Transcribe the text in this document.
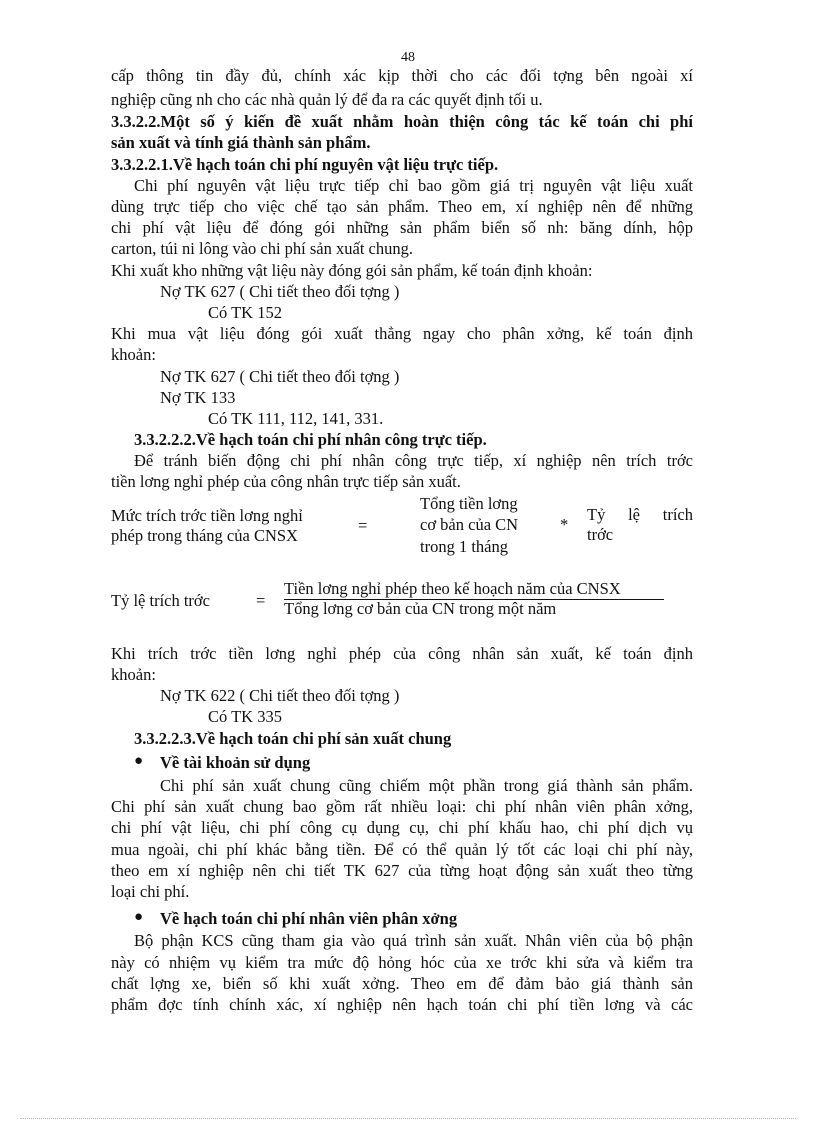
48
cấp thông tin đầy đủ, chính xác kịp thời cho các đối tợng bên ngoài xí
nghiệp cũng nh cho các nhà quản lý để đa ra các quyết định tối u.
3.3.2.2.Một số ý kiến đề xuất nhằm hoàn thiện công tác kế toán chi phí
sản xuất và tính giá thành sản phẩm.
3.3.2.2.1.Về hạch toán chi phí nguyên vật liệu trực tiếp.
Chi phí nguyên vật liệu trực tiếp chỉ bao gồm giá trị nguyên vật liệu xuất
dùng trực tiếp cho việc chế tạo sản phẩm. Theo em, xí nghiệp nên để những
chi phí vật liệu để đóng gói những sản phẩm biển số nh: băng dính, hộp
carton, túi ni lông vào chi phí sản xuất chung.
Khi xuất kho những vật liệu này đóng gói sản phẩm, kế toán định khoản:
Nợ TK 627 ( Chi tiết theo đối tợng )
Có TK 152
Khi mua vật liệu đóng gói xuất thẳng ngay cho phân xởng, kế toán định
khoản:
Nợ TK 627 ( Chi tiết theo đối tợng )
Nợ TK 133
Có TK 111, 112, 141, 331.
3.3.2.2.2.Về hạch toán chi phí nhân công trực tiếp.
Để tránh biến động chi phí nhân công trực tiếp, xí nghiệp nên trích trớc
tiền lơng nghỉ phép của công nhân trực tiếp sản xuất.
Mức trích trớc tiền lơng nghỉ
phép trong tháng của CNSX
=
Tổng tiền lơng
cơ bản của CN
trong 1 tháng
*
Tỷ lệ trích
trớc
Tỷ lệ trích trớc	=
Tiền lơng nghỉ phép theo kế hoạch năm của CNSX
Tổng lơng cơ bản của CN trong một năm
Khi trích trớc tiền lơng nghỉ phép của công nhân sản xuất, kế toán định
khoản:
Nợ TK 622 ( Chi tiết theo đối tợng )
Có TK 335
3.3.2.2.3.Về hạch toán chi phí sản xuất chung
● Về tài khoản sử dụng
Chi phí sản xuất chung cũng chiếm một phần trong giá thành sản phẩm.
Chi phí sản xuất chung bao gồm rất nhiều loại: chi phí nhân viên phân xởng,
chi phí vật liệu, chi phí công cụ dụng cụ, chi phí khấu hao, chi phí dịch vụ
mua ngoài, chi phí khác bằng tiền. Để có thể quản lý tốt các loại chi phí này,
theo em xí nghiệp nên chi tiết TK 627 của từng hoạt động sản xuất theo từng
loại chi phí.
● Về hạch toán chi phí nhân viên phân xởng
Bộ phận KCS cũng tham gia vào quá trình sản xuất. Nhân viên của bộ phận
này có nhiệm vụ kiểm tra mức độ hỏng hóc của xe trớc khi sửa và kiểm tra
chất lợng xe, biển số khi xuất xởng. Theo em để đảm bảo giá thành sản
phẩm đợc tính chính xác, xí nghiệp nên hạch toán chi phí tiền lơng và các
